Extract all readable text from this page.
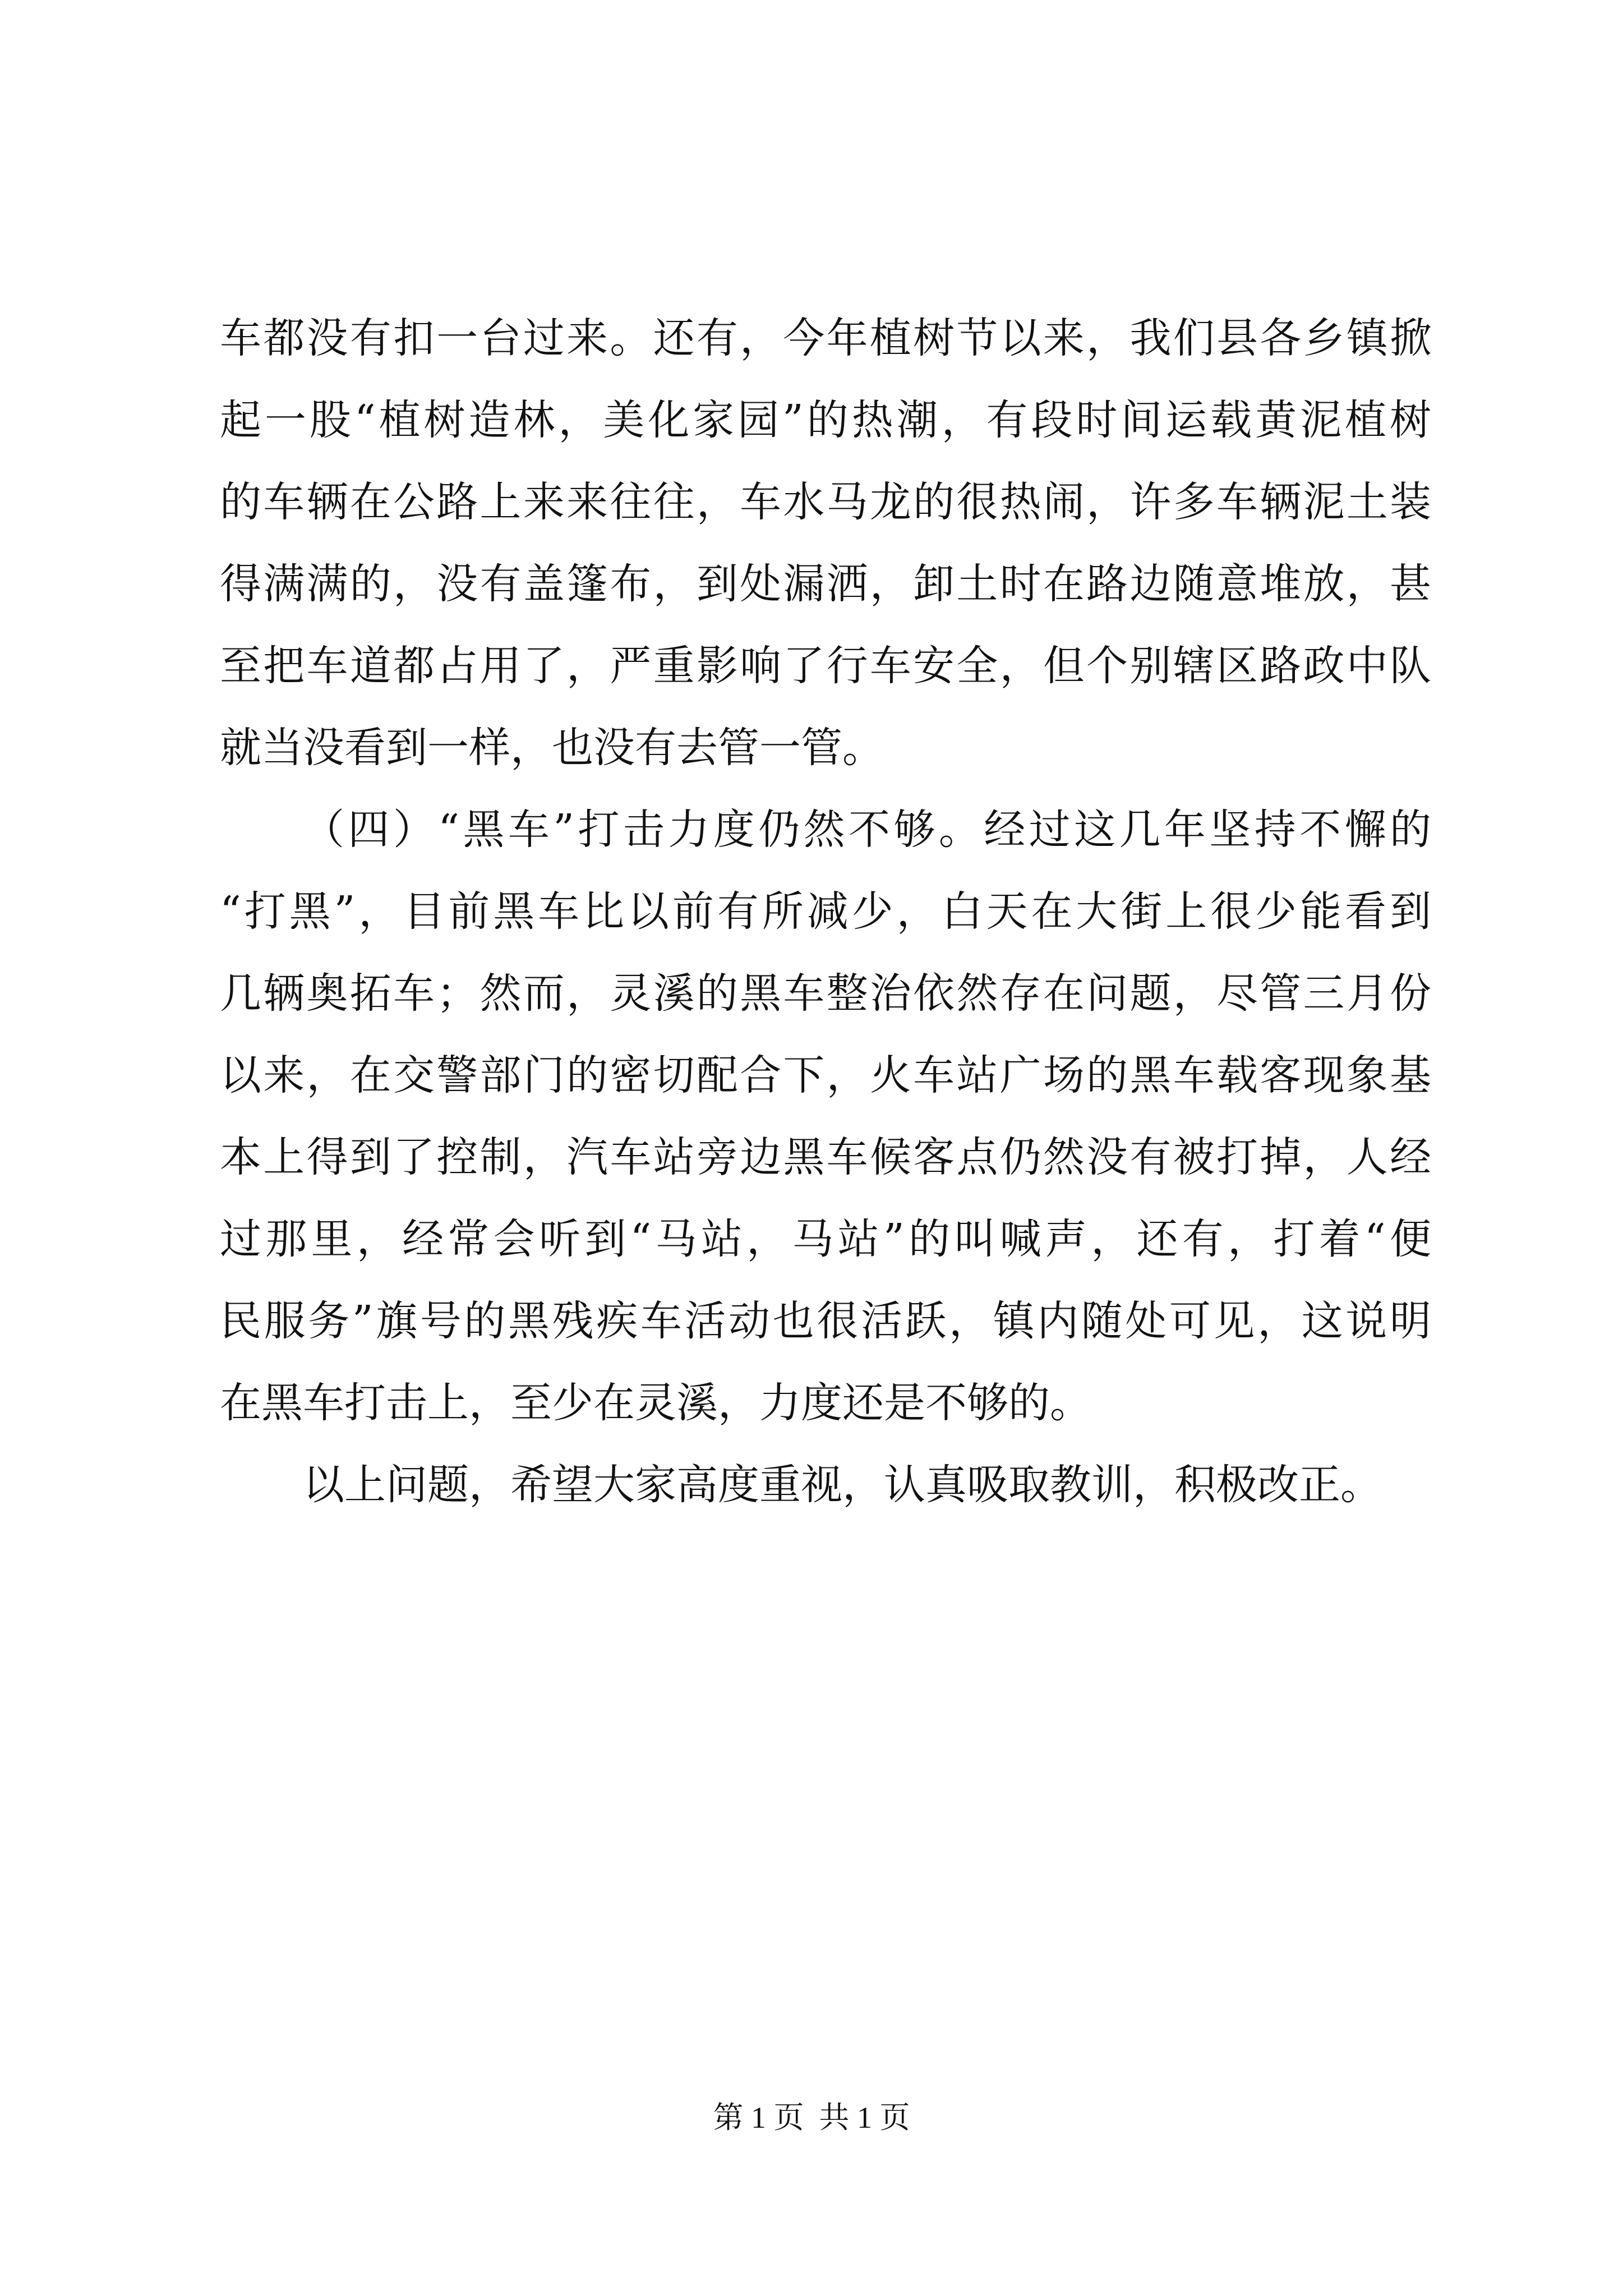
车都没有扣一台过来。还有，今年植树节以来，我们县各乡镇掀
起一股“植树造林，美化家园”的热潮，有段时间运载黄泥植树
的车辆在公路上来来往往，车水马龙的很热闹，许多车辆泥土装
得满满的，没有盖篷布，到处漏洒，卸土时在路边随意堆放，甚
至把车道都占用了，严重影响了行车安全，但个别辖区路政中队
就当没看到一样，也没有去管一管。
（四）“黑车”打击力度仍然不够。经过这几年坚持不懈的
“打黑”，目前黑车比以前有所减少，白天在大街上很少能看到
几辆奥拓车；然而，灵溪的黑车整治依然存在问题，尽管三月份
以来，在交警部门的密切配合下，火车站广场的黑车载客现象基
本上得到了控制，汽车站旁边黑车候客点仍然没有被打掉，人经
过那里，经常会听到“马站，马站”的叫喊声，还有，打着“便
民服务”旗号的黑残疾车活动也很活跃，镇内随处可见，这说明
在黑车打击上，至少在灵溪，力度还是不够的。
以上问题，希望大家高度重视，认真吸取教训，积极改正。
第 1 页  共 1 页
